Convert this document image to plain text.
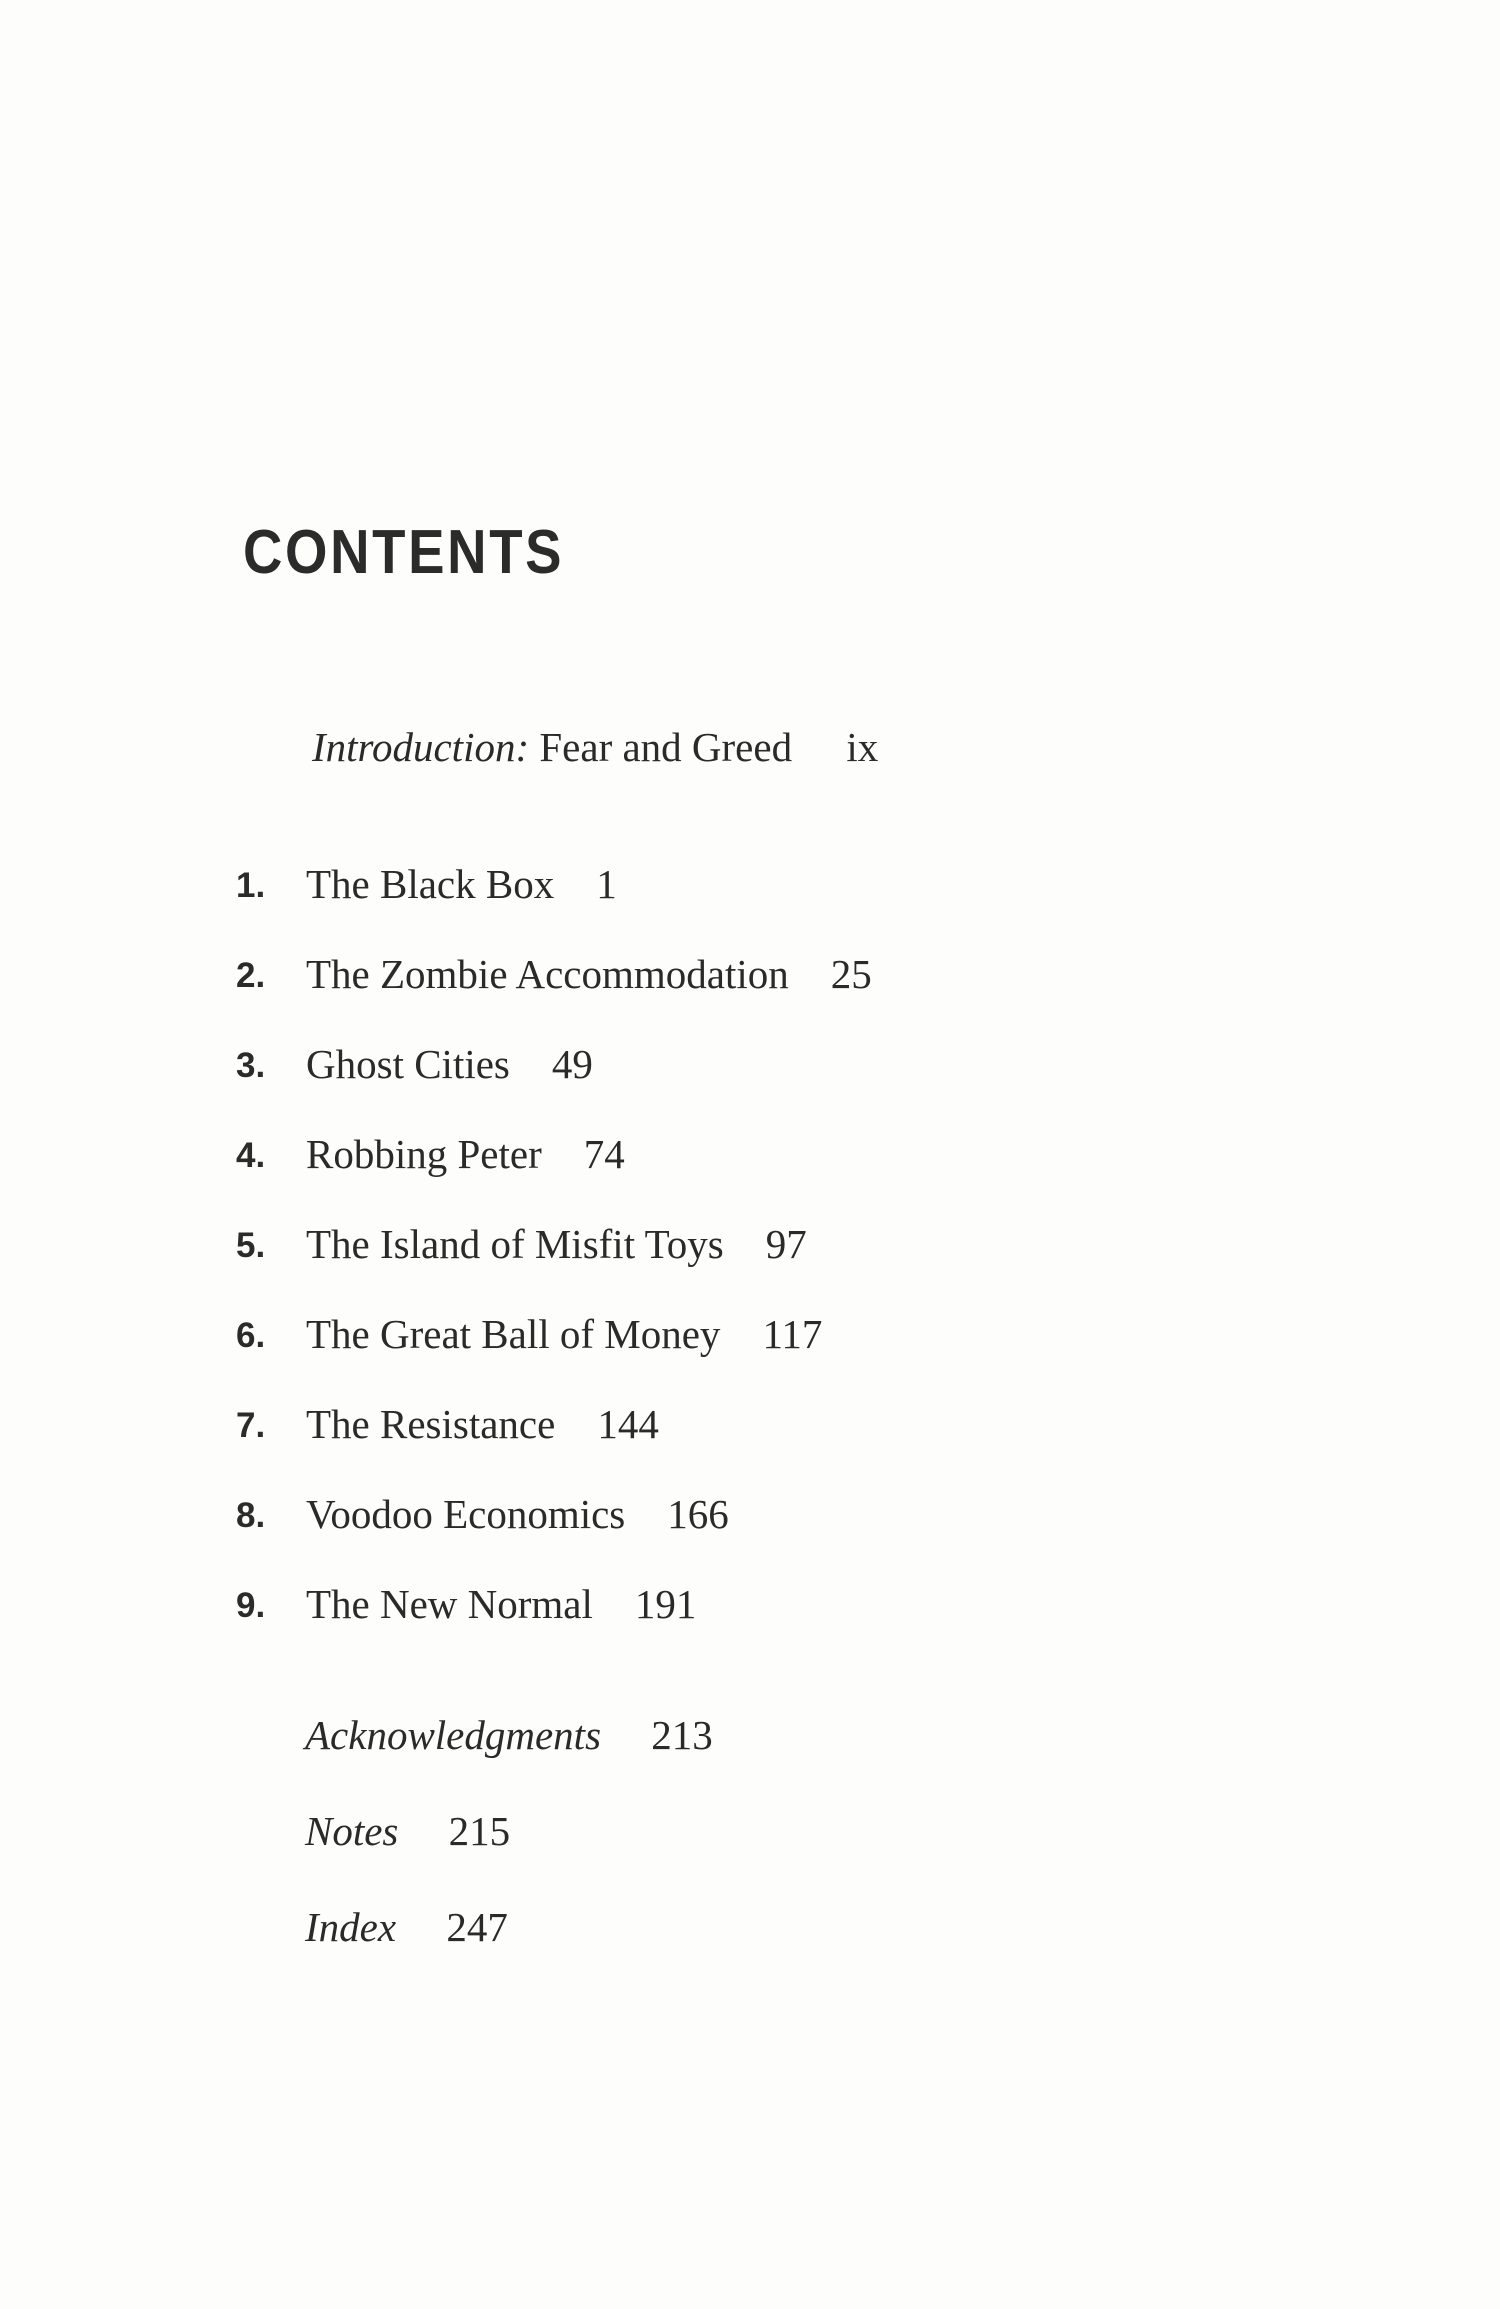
CONTENTS
Introduction: Fear and Greed ix
1. The Black Box 1
2. The Zombie Accommodation 25
3. Ghost Cities 49
4. Robbing Peter 74
5. The Island of Misfit Toys 97
6. The Great Ball of Money 117
7. The Resistance 144
8. Voodoo Economics 166
9. The New Normal 191
Acknowledgments 213
Notes 215
Index 247
